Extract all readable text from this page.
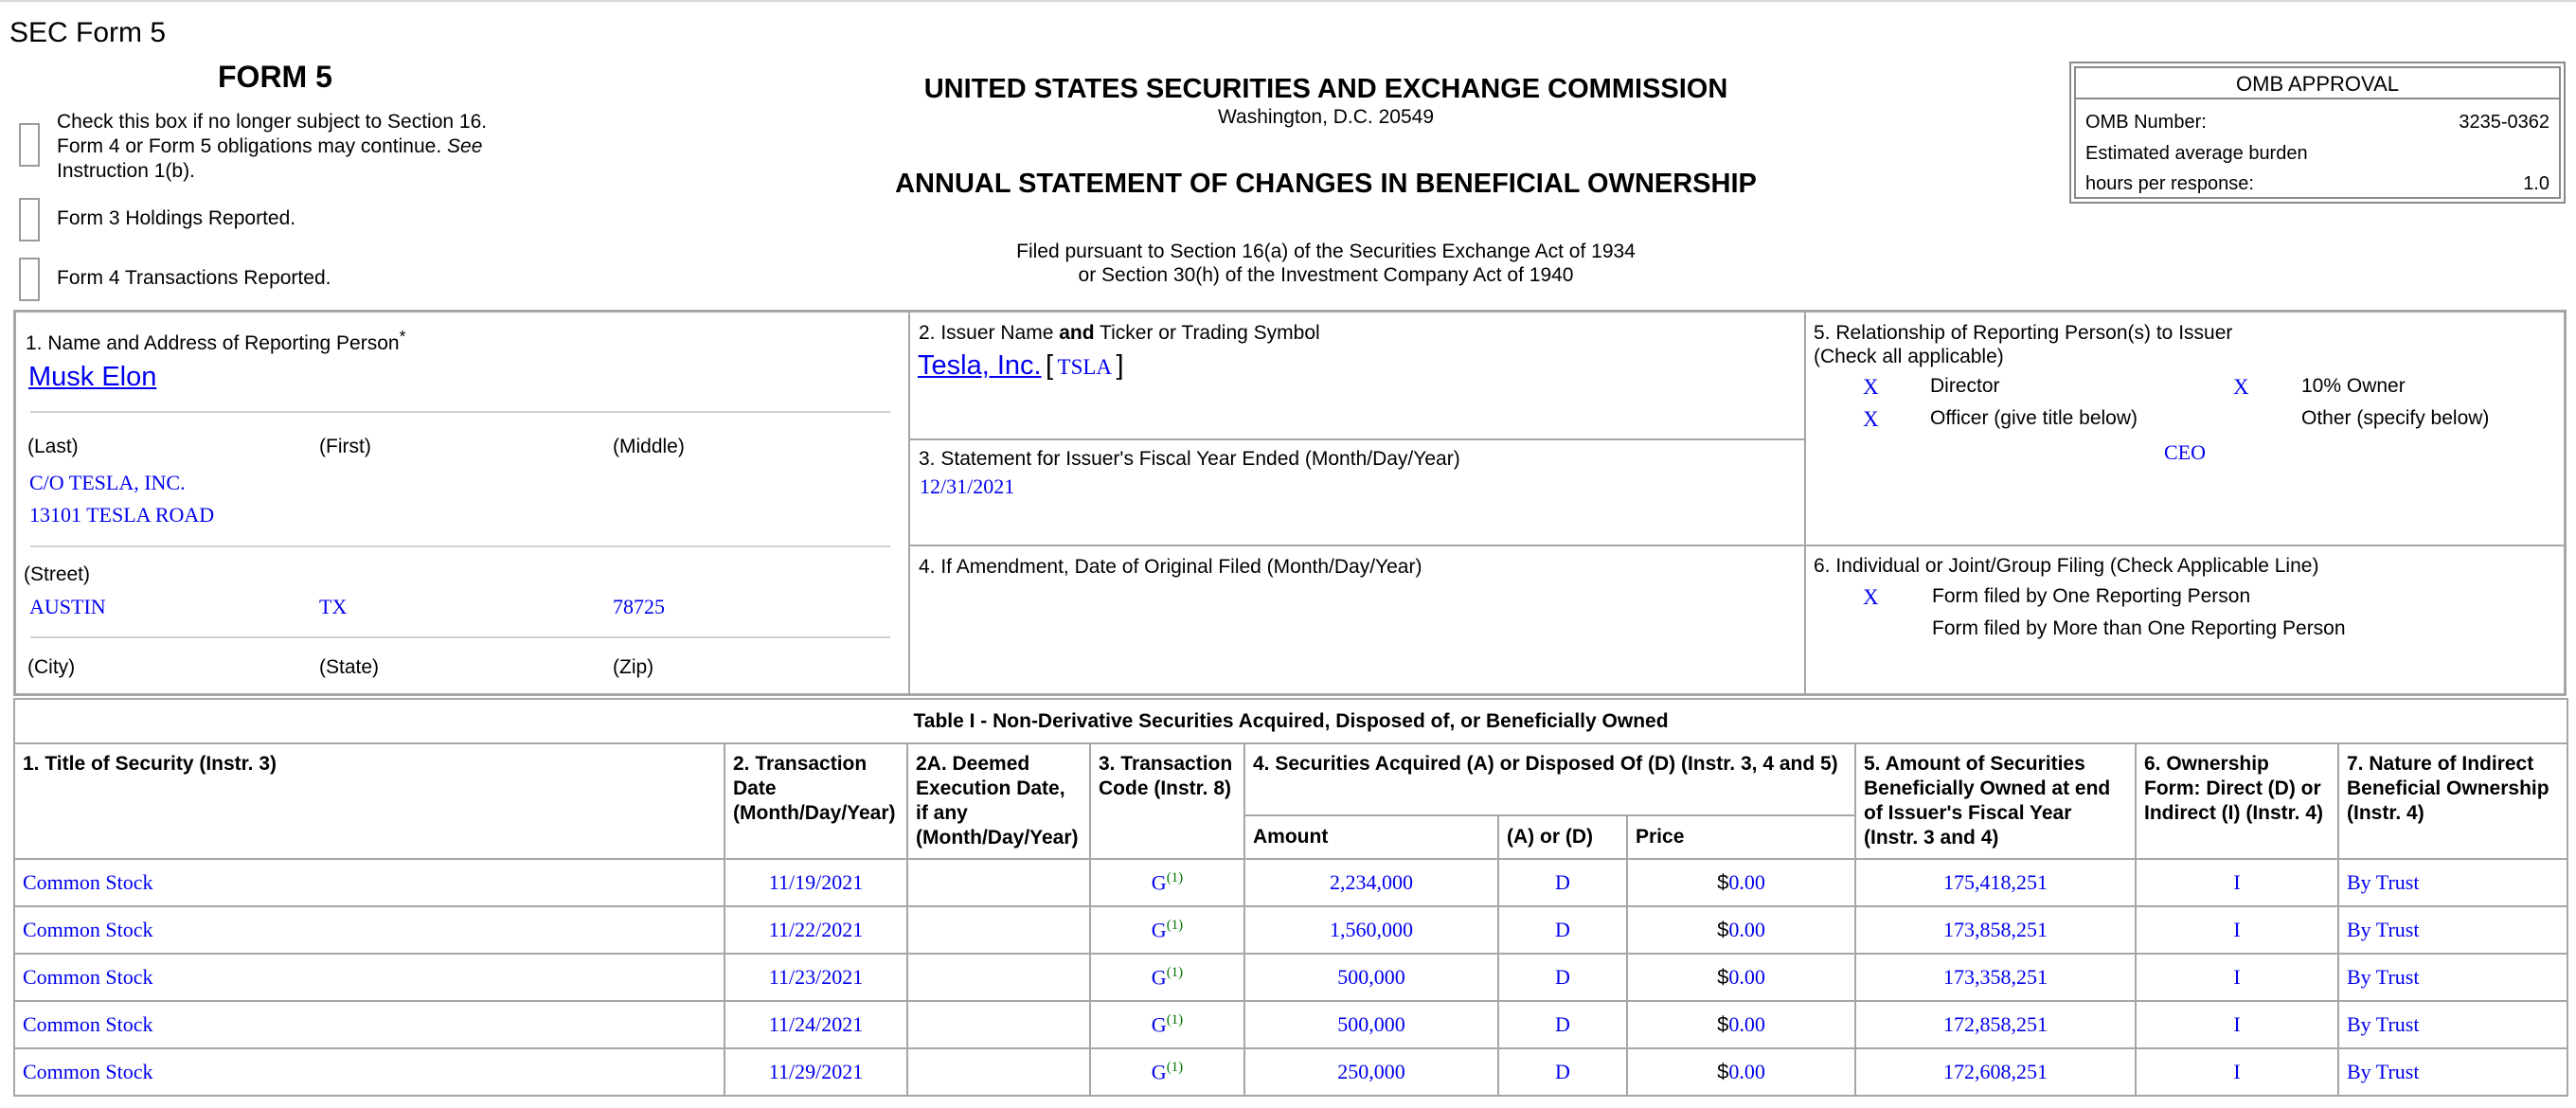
SEC Form 5
FORM 5
Check this box if no longer subject to Section 16.
Form 4 or Form 5 obligations may continue. See
Instruction 1(b).
Form 3 Holdings Reported.
Form 4 Transactions Reported.
UNITED STATES SECURITIES AND EXCHANGE COMMISSION
Washington, D.C. 20549
ANNUAL STATEMENT OF CHANGES IN BENEFICIAL OWNERSHIP
Filed pursuant to Section 16(a) of the Securities Exchange Act of 1934
or Section 30(h) of the Investment Company Act of 1940
OMB APPROVAL
OMB Number:	3235-0362
Estimated average burden
hours per response:	1.0
1. Name and Address of Reporting Person*
Musk Elon
(Last)	(First)	(Middle)
C/O TESLA, INC.
13101 TESLA ROAD
(Street)
AUSTIN	TX	78725
(City)	(State)	(Zip)
2. Issuer Name and Ticker or Trading Symbol
Tesla, Inc. [ TSLA ]
3. Statement for Issuer's Fiscal Year Ended (Month/Day/Year)
12/31/2021
4. If Amendment, Date of Original Filed (Month/Day/Year)
5. Relationship of Reporting Person(s) to Issuer
(Check all applicable)
X	Director	X	10% Owner
X	Officer (give title below)	Other (specify below)
CEO
6. Individual or Joint/Group Filing (Check Applicable Line)
X	Form filed by One Reporting Person
Form filed by More than One Reporting Person
Table I - Non-Derivative Securities Acquired, Disposed of, or Beneficially Owned									
1. Title of Security (Instr. 3)	2. Transaction Date (Month/Day/Year)	2A. Deemed Execution Date, if any (Month/Day/Year)	3. Transaction Code (Instr. 8)	4. Securities Acquired (A) or Disposed Of (D) (Instr. 3, 4 and 5)			5. Amount of Securities Beneficially Owned at end of Issuer's Fiscal Year (Instr. 3 and 4)	6. Ownership Form: Direct (D) or Indirect (I) (Instr. 4)	7. Nature of Indirect Beneficial Ownership (Instr. 4)
				Amount	(A) or (D)	Price			
Common Stock	11/19/2021		G$^{(1)}$	2,234,000	D	$0.00	175,418,251	I	By Trust
Common Stock	11/22/2021		G$^{(1)}$	1,560,000	D	$0.00	173,858,251	I	By Trust
Common Stock	11/23/2021		G$^{(1)}$	500,000	D	$0.00	173,358,251	I	By Trust
Common Stock	11/24/2021		G$^{(1)}$	500,000	D	$0.00	172,858,251	I	By Trust
Common Stock	11/29/2021		G$^{(1)}$	250,000	D	$0.00	172,608,251	I	By Trust
